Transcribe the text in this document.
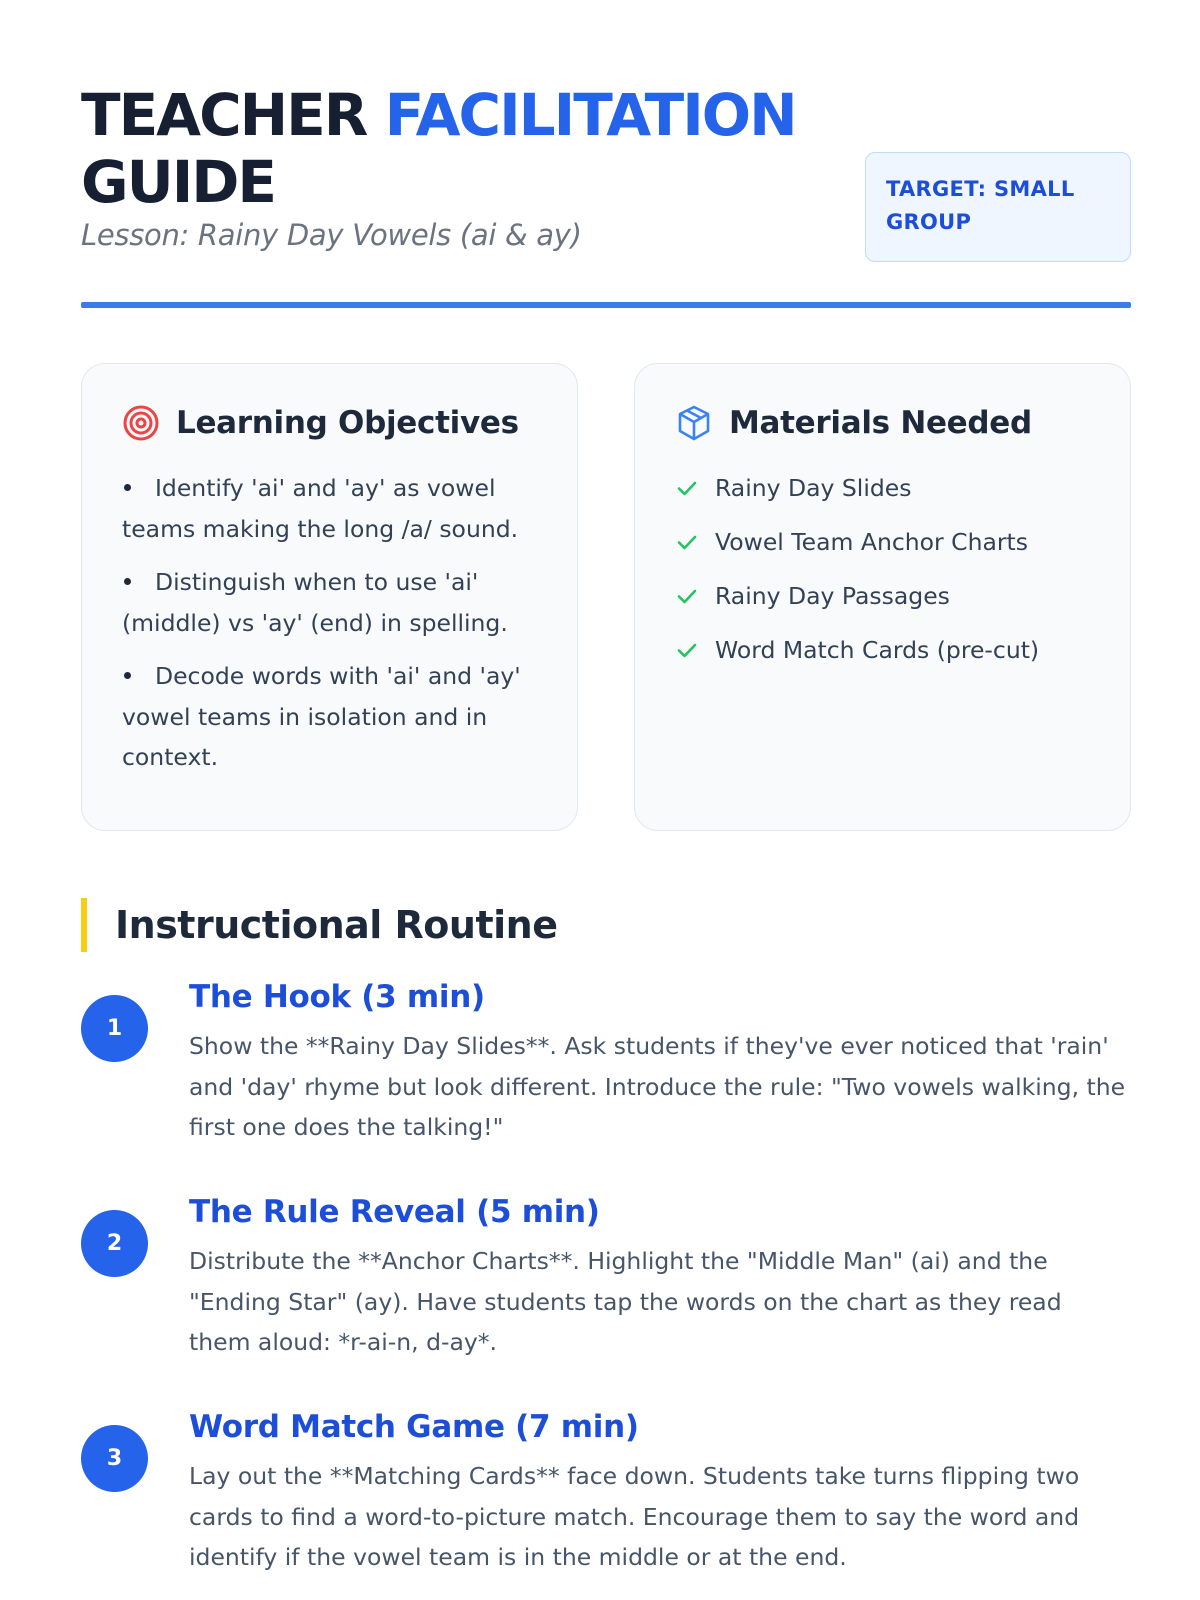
TEACHER FACILITATION
GUIDE
Lesson: Rainy Day Vowels (ai & ay)
TARGET: SMALL GROUP
Learning Objectives
Identify 'ai' and 'ay' as vowel teams making the long /a/ sound.
Distinguish when to use 'ai' (middle) vs 'ay' (end) in spelling.
Decode words with 'ai' and 'ay' vowel teams in isolation and in context.
Materials Needed
Rainy Day Slides
Vowel Team Anchor Charts
Rainy Day Passages
Word Match Cards (pre-cut)
Instructional Routine
1
The Hook (3 min)

Show the **Rainy Day Slides**. Ask students if they've ever noticed that 'rain' and 'day' rhyme but look different. Introduce the rule: "Two vowels walking, the first one does the talking!"

2
The Rule Reveal (5 min)

Distribute the **Anchor Charts**. Highlight the "Middle Man" (ai) and the "Ending Star" (ay). Have students tap the words on the chart as they read them aloud: *r-ai-n, d-ay*.

3
Word Match Game (7 min)

Lay out the **Matching Cards** face down. Students take turns flipping two cards to find a word-to-picture match. Encourage them to say the word and identify if the vowel team is in the middle or at the end.
